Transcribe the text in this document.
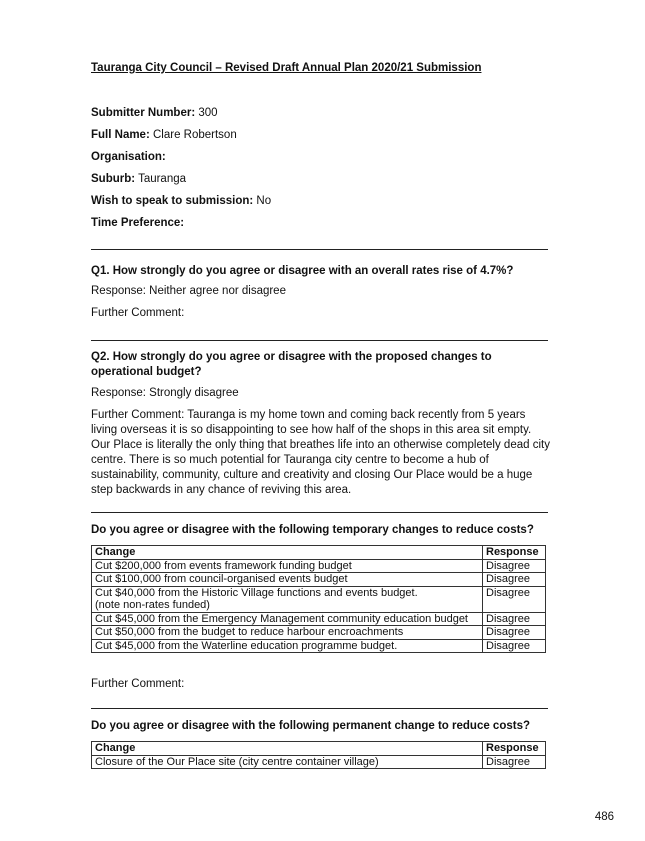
Tauranga City Council – Revised Draft Annual Plan 2020/21 Submission
Submitter Number: 300
Full Name: Clare Robertson
Organisation:
Suburb: Tauranga
Wish to speak to submission: No
Time Preference:
Q1. How strongly do you agree or disagree with an overall rates rise of 4.7%?
Response: Neither agree nor disagree
Further Comment:
Q2. How strongly do you agree or disagree with the proposed changes to operational budget?
Response: Strongly disagree
Further Comment: Tauranga is my home town and coming back recently from 5 years living overseas it is so disappointing to see how half of the shops in this area sit empty. Our Place is literally the only thing that breathes life into an otherwise completely dead city centre. There is so much potential for Tauranga city centre to become a hub of sustainability, community, culture and creativity and closing Our Place would be a huge step backwards in any chance of reviving this area.
Do you agree or disagree with the following temporary changes to reduce costs?
Change	Response
Cut $200,000 from events framework funding budget	Disagree
Cut $100,000 from council-organised events budget	Disagree

Cut $40,000 from the Historic Village functions and events budget.
(note non-rates funded)	Disagree
Cut $45,000 from the Emergency Management community education budget	Disagree
Cut $50,000 from the budget to reduce harbour encroachments	Disagree
Cut $45,000 from the Waterline education programme budget.	Disagree
Further Comment:
Do you agree or disagree with the following permanent change to reduce costs?
Change	Response
Closure of the Our Place site (city centre container village)	Disagree
486
